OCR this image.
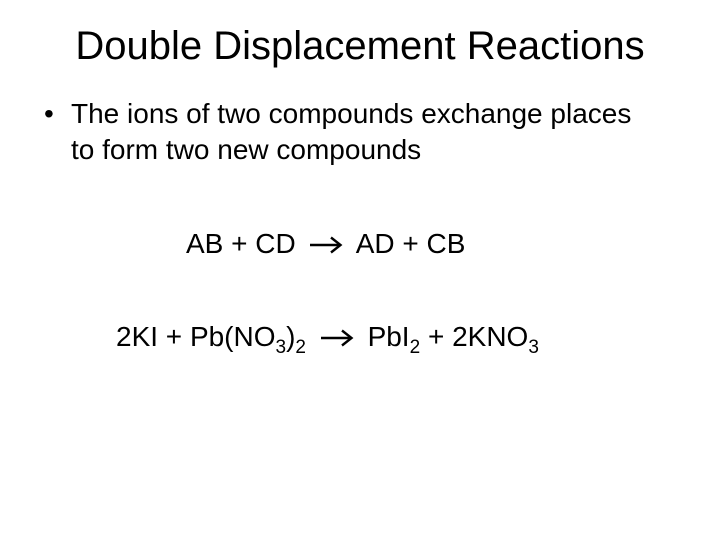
Double Displacement Reactions
• The ions of two compounds exchange places to form two new compounds
AB + CD AD + CB
$2KI + Pb(NO_3)_2$ $PbI_2 + 2KNO_3$
